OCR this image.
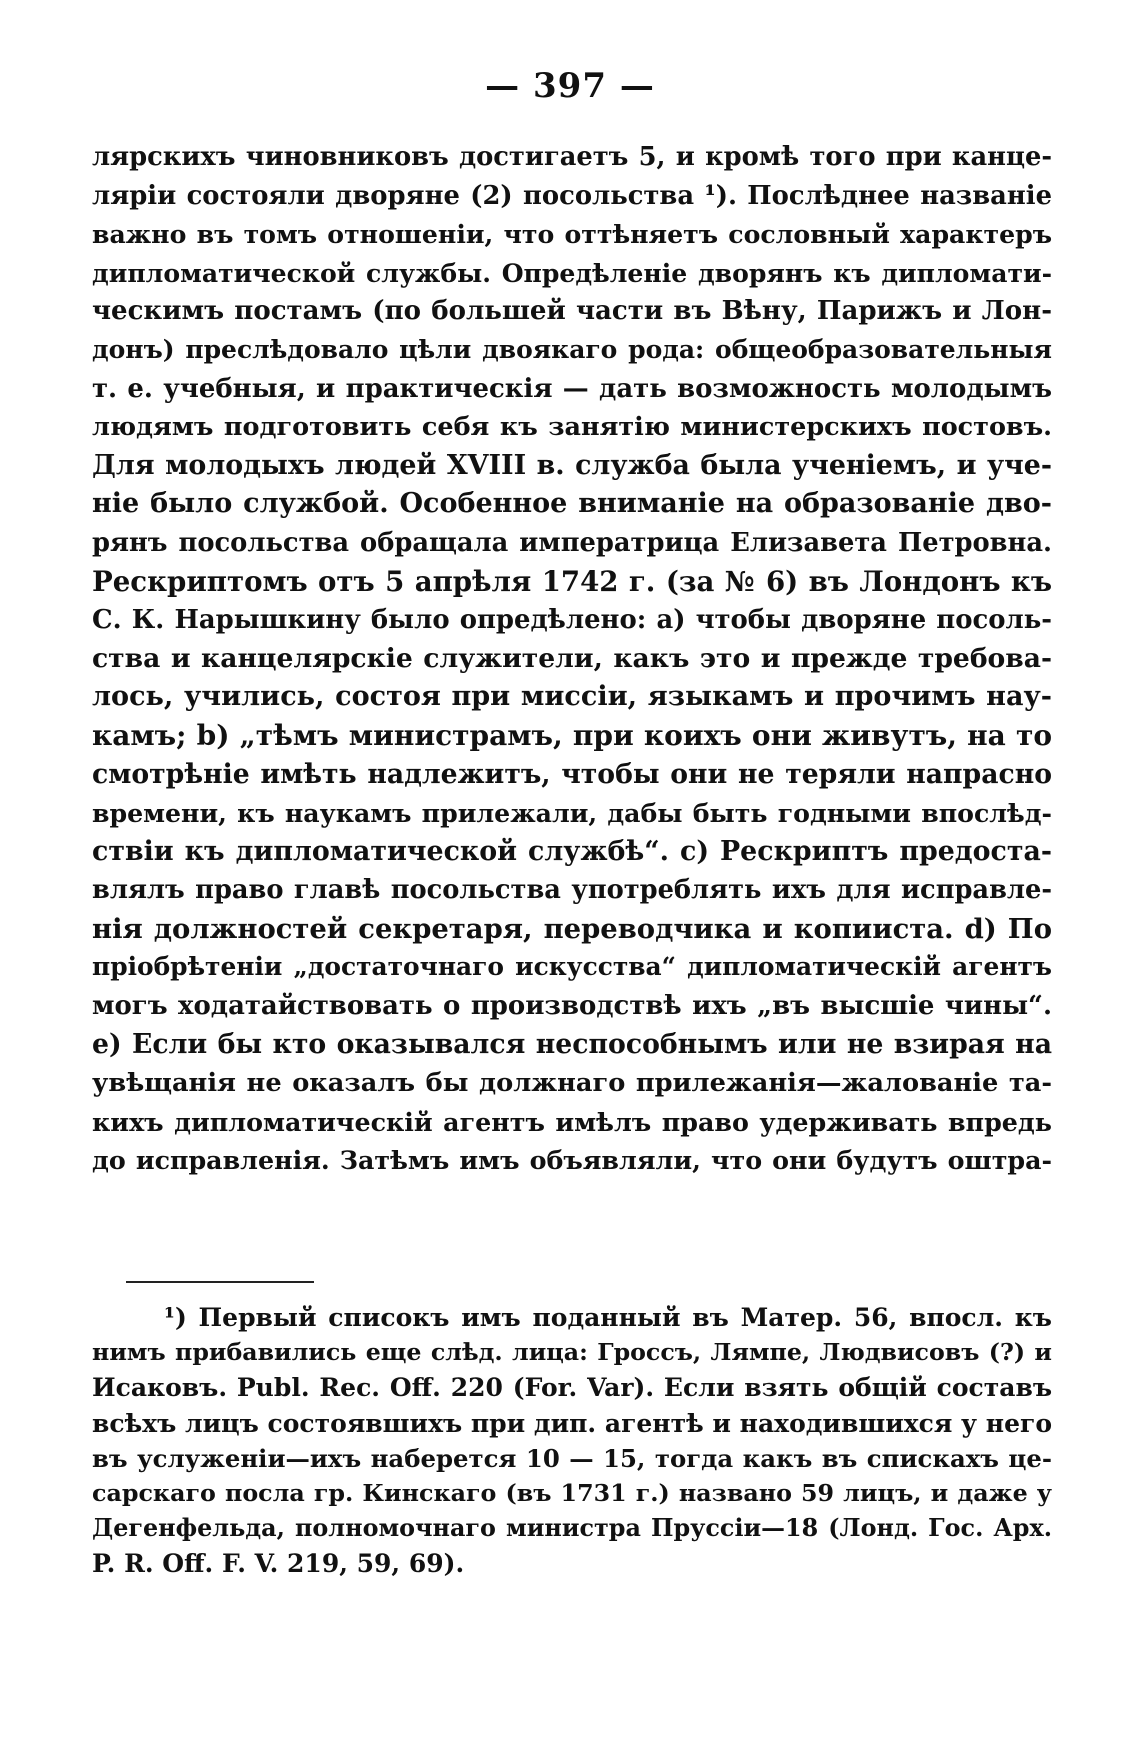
— 397 —
лярскихъ чиновниковъ достигаетъ 5, и кромѣ того при канце-
ляріи состояли дворяне (2) посольства ¹). Послѣднее названіе
важно въ томъ отношеніи, что оттѣняетъ сословный характеръ
дипломатической службы. Опредѣленіе дворянъ къ дипломати-
ческимъ постамъ (по большей части въ Вѣну, Парижъ и Лон-
донъ) преслѣдовало цѣли двоякаго рода: общеобразовательныя
т. е. учебныя, и практическія — дать возможность молодымъ
людямъ подготовить себя къ занятію министерскихъ постовъ.
Для молодыхъ людей XVIII в. служба была ученіемъ, и уче-
ніе было службой. Особенное вниманіе на образованіе дво-
рянъ посольства обращала императрица Елизавета Петровна.
Рескриптомъ отъ 5 апрѣля 1742 г. (за № 6) въ Лондонъ къ
С. К. Нарышкину было опредѣлено: a) чтобы дворяне посоль-
ства и канцелярскіе служители, какъ это и прежде требова-
лось, учились, состоя при миссіи, языкамъ и прочимъ нау-
камъ; b) „тѣмъ министрамъ, при коихъ они живутъ, на то
смотрѣніе имѣть надлежитъ, чтобы они не теряли напрасно
времени, къ наукамъ прилежали, дабы быть годными впослѣд-
ствіи къ дипломатической службѣ“. c) Рескриптъ предоста-
влялъ право главѣ посольства употреблять ихъ для исправле-
нія должностей секретаря, переводчика и копииста. d) По
пріобрѣтеніи „достаточнаго искусства“ дипломатическій агентъ
могъ ходатайствовать о производствѣ ихъ „въ высшіе чины“.
e) Если бы кто оказывался неспособнымъ или не взирая на
увѣщанія не оказалъ бы должнаго прилежанія—жалованіе та-
кихъ дипломатическій агентъ имѣлъ право удерживать впредь
до исправленія. Затѣмъ имъ объявляли, что они будутъ оштра-
¹) Первый списокъ имъ поданный въ Матер. 56, впосл. къ
нимъ прибавились еще слѣд. лица: Гроссъ, Лямпе, Людвисовъ (?) и
Исаковъ. Publ. Rec. Off. 220 (For. Var). Если взять общій составъ
всѣхъ лицъ состоявшихъ при дип. агентѣ и находившихся у него
въ услуженіи—ихъ наберется 10 — 15, тогда какъ въ спискахъ це-
сарскаго посла гр. Кинскаго (въ 1731 г.) названо 59 лицъ, и даже у
Дегенфельда, полномочнаго министра Пруссіи—18 (Лонд. Гос. Арх.
P. R. Off. F. V. 219, 59, 69).
